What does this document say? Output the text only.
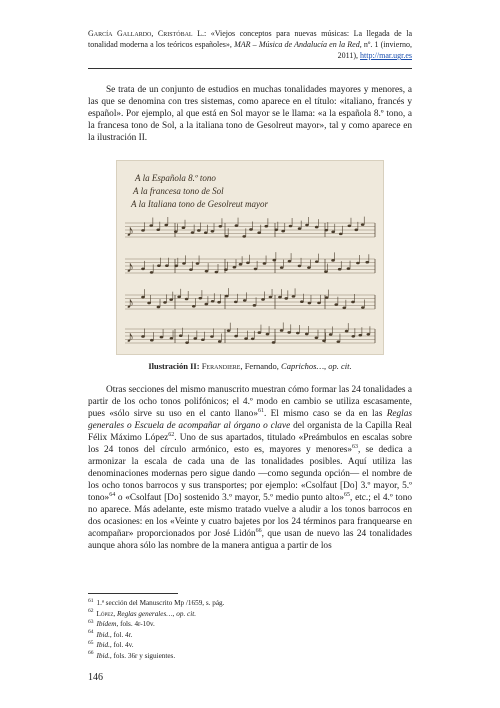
García Gallardo, Cristóbal L.: «Viejos conceptos para nuevas músicas: La llegada de la tonalidad moderna a los teóricos españoles», MAR – Música de Andalucía en la Red, nº. 1 (invierno, 2011), http://mar.ugr.es

Se trata de un conjunto de estudios en muchas tonalidades mayores y menores, a las que se denomina con tres sistemas, como aparece en el título: «italiano, francés y español». Por ejemplo, al que está en Sol mayor se le llama: «a la española 8.º tono, a la francesa tono de Sol, a la italiana tono de Gesolreut mayor», tal y como aparece en la ilustración II.

A la Española 8.º tono
A la francesa tono de Sol
A la Italiana tono de Gesolreut mayor
♪
♪
♪
♪
Ilustración II: Ferandiere, Fernando, Caprichos…, op. cit.

Otras secciones del mismo manuscrito muestran cómo formar las 24 tonalidades a partir de los ocho tonos polifónicos; el 4.º modo en cambio se utiliza escasamente, pues «sólo sirve su uso en el canto llano»$^{61}$. El mismo caso se da en las Reglas generales o Escuela de acompañar al órgano o clave del organista de la Capilla Real Félix Máximo López$^{62}$. Uno de sus apartados, titulado «Preámbulos en escalas sobre los 24 tonos del círculo armónico, esto es, mayores y menores»$^{63}$, se dedica a armonizar la escala de cada una de las tonalidades posibles. Aquí utiliza las denominaciones modernas pero sigue dando —como segunda opción— el nombre de los ocho tonos barrocos y sus transportes; por ejemplo: «Csolfaut [Do] 3.º mayor, 5.º tono»$^{64}$ o «Csolfaut [Do] sostenido 3.º mayor, 5.º medio punto alto»$^{65}$, etc.; el 4.º tono no aparece. Más adelante, este mismo tratado vuelve a aludir a los tonos barrocos en dos ocasiones: en los «Veinte y cuatro bajetes por los 24 términos para franquearse en acompañar» proporcionados por José Lidón$^{66}$, que usan de nuevo las 24 tonalidades aunque ahora sólo las nombre de la manera antigua a partir de los

$^{61}$ 1.ª sección del Manuscrito Mp /1659, s. pág.
$^{62}$ López, Reglas generales…, op. cit.
$^{63}$ Ibídem, fols. 4r-10v.
$^{64}$ Ibid., fol. 4r.
$^{65}$ Ibid., fol. 4v.
$^{66}$ Ibid., fols. 36r y siguientes.
146
